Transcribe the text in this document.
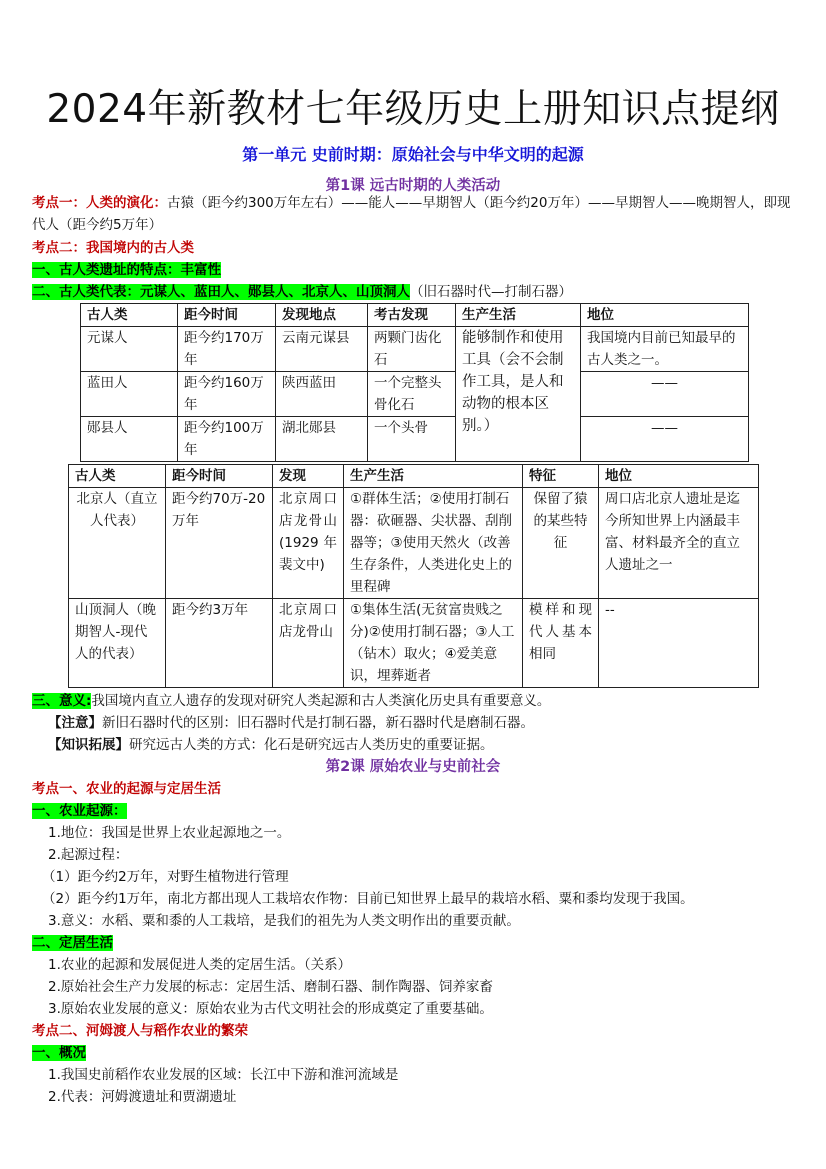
2024年新教材七年级历史上册知识点提纲
第一单元 史前时期：原始社会与中华文明的起源
第1课 远古时期的人类活动
考点一：人类的演化：古猿（距今约300万年左右）——能人——早期智人（距今约20万年）——早期智人——晚期智人，即现代人（距今约5万年）
考点二：我国境内的古人类
一、古人类遗址的特点：丰富性
二、古人类代表：元谋人、蓝田人、郧县人、北京人、山顶洞人（旧石器时代—打制石器）
古人类	距今时间	发现地点	考古发现	生产生活	地位
元谋人	距今约170万年	云南元谋县	两颗门齿化石	能够制作和使用工具（会不会制作工具，是人和动物的根本区别。）	我国境内目前已知最早的古人类之一。
蓝田人	距今约160万年	陕西蓝田	一个完整头骨化石		——
郧县人	距今约100万年	湖北郧县	一个头骨		——
古人类	距今时间	发现	生产生活	特征	地位
北京人（直立人代表）	距今约70万-20万年	北京周口店龙骨山(1929年裴文中)	①群体生活；②使用打制石器：砍砸器、尖状器、刮削器等；③使用天然火（改善生存条件，人类进化史上的里程碑	保留了猿的某些特征	周口店北京人遗址是迄今所知世界上内涵最丰富、材料最齐全的直立人遗址之一
山顶洞人（晚期智人-现代人的代表）	距今约3万年	北京周口店龙骨山	①集体生活(无贫富贵贱之分)②使用打制石器；③人工（钻木）取火；④爱美意识，埋葬逝者	模样和现代人基本相同	--
三、意义:我国境内直立人遗存的发现对研究人类起源和古人类演化历史具有重要意义。
【注意】新旧石器时代的区别：旧石器时代是打制石器，新石器时代是磨制石器。
【知识拓展】研究远古人类的方式：化石是研究远古人类历史的重要证据。
第2课 原始农业与史前社会
考点一、农业的起源与定居生活
一、农业起源：
1.地位：我国是世界上农业起源地之一。
2.起源过程：
（1）距今约2万年，对野生植物进行管理
（2）距今约1万年，南北方都出现人工栽培农作物：目前已知世界上最早的栽培水稻、粟和黍均发现于我国。
3.意义：水稻、粟和黍的人工栽培，是我们的祖先为人类文明作出的重要贡献。
二、定居生活
1.农业的起源和发展促进人类的定居生活。（关系）
2.原始社会生产力发展的标志：定居生活、磨制石器、制作陶器、饲养家畜
3.原始农业发展的意义：原始农业为古代文明社会的形成奠定了重要基础。
考点二、河姆渡人与稻作农业的繁荣
一、概况
1.我国史前稻作农业发展的区域：长江中下游和淮河流域是
2.代表：河姆渡遗址和贾湖遗址
